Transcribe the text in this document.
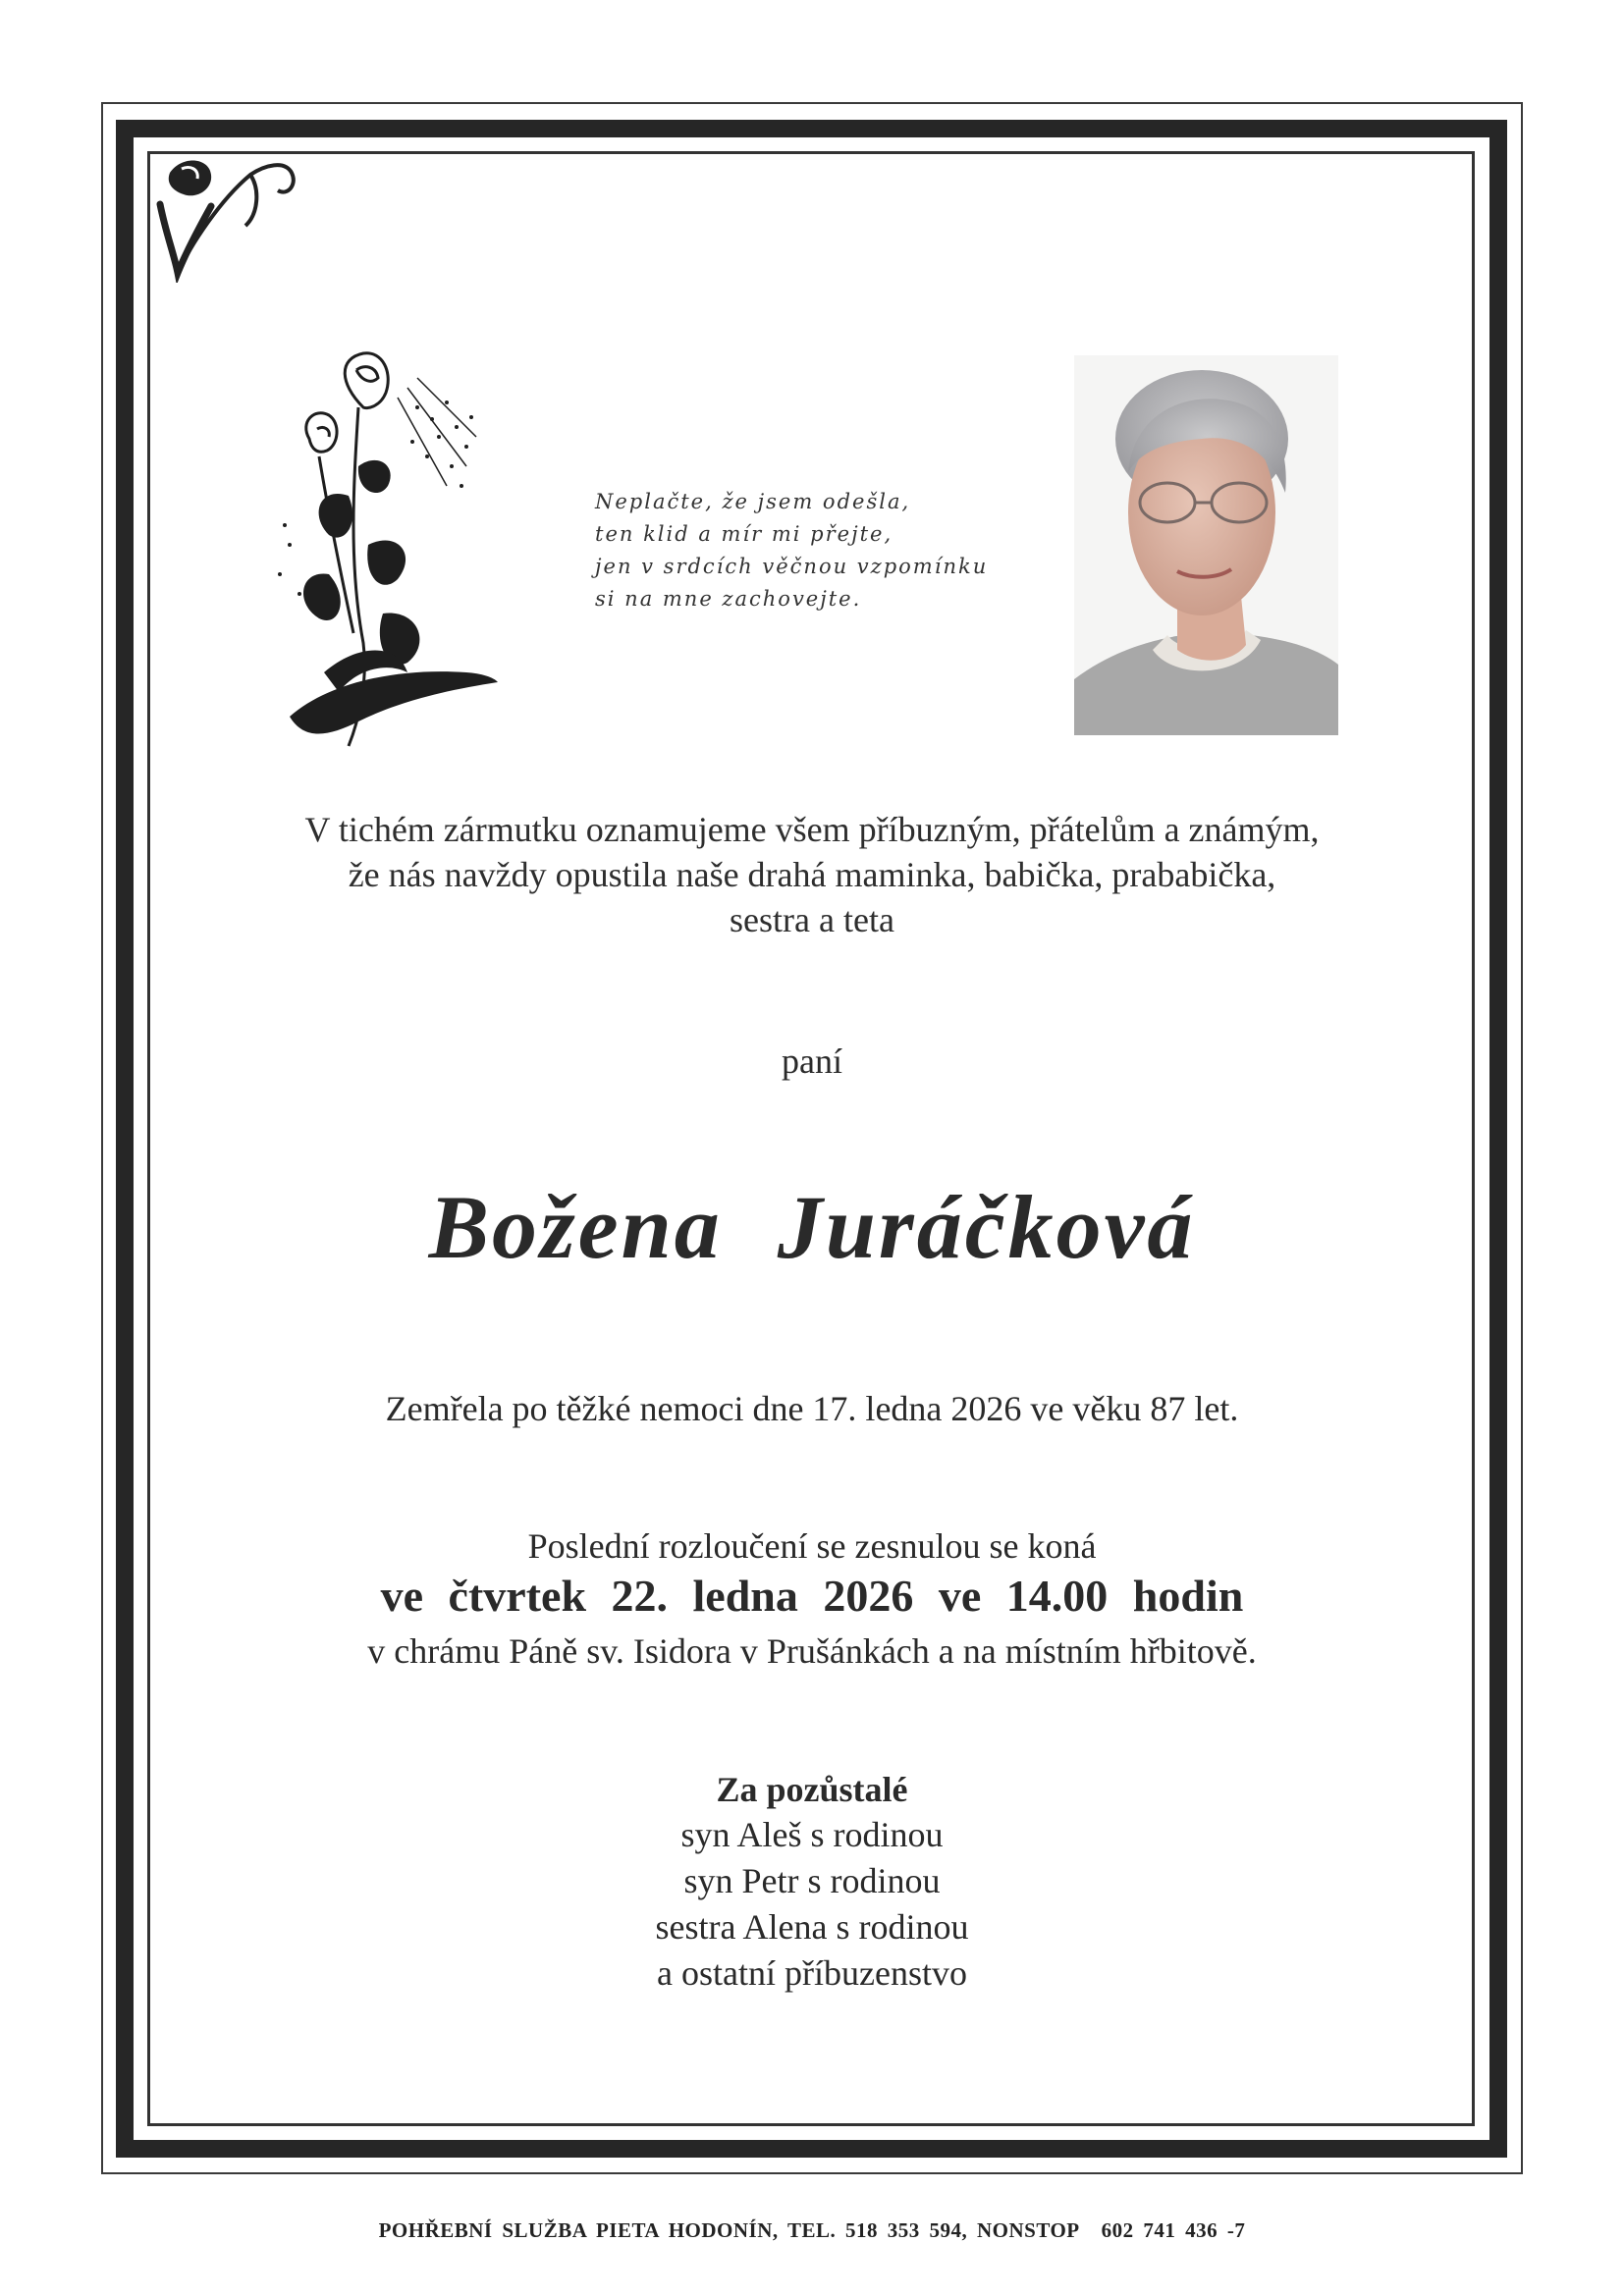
Neplačte, že jsem odešla,
ten klid a mír mi přejte,
jen v srdcích věčnou vzpomínku
si na mne zachovejte.
V tichém zármutku oznamujeme všem příbuzným, přátelům a známým,
že nás navždy opustila naše drahá maminka, babička, prababička,
sestra a teta
paní
Božena Juráčková
Zemřela po těžké nemoci dne 17. ledna 2026 ve věku 87 let.
Poslední rozloučení se zesnulou se koná
ve čtvrtek 22. ledna 2026 ve 14.00 hodin
v chrámu Páně sv. Isidora v Prušánkách a na místním hřbitově.
Za pozůstalé
syn Aleš s rodinou
syn Petr s rodinou
sestra Alena s rodinou
a ostatní příbuzenstvo
POHŘEBNÍ SLUŽBA PIETA HODONÍN, TEL. 518 353 594, NONSTOP 602 741 436 -7
